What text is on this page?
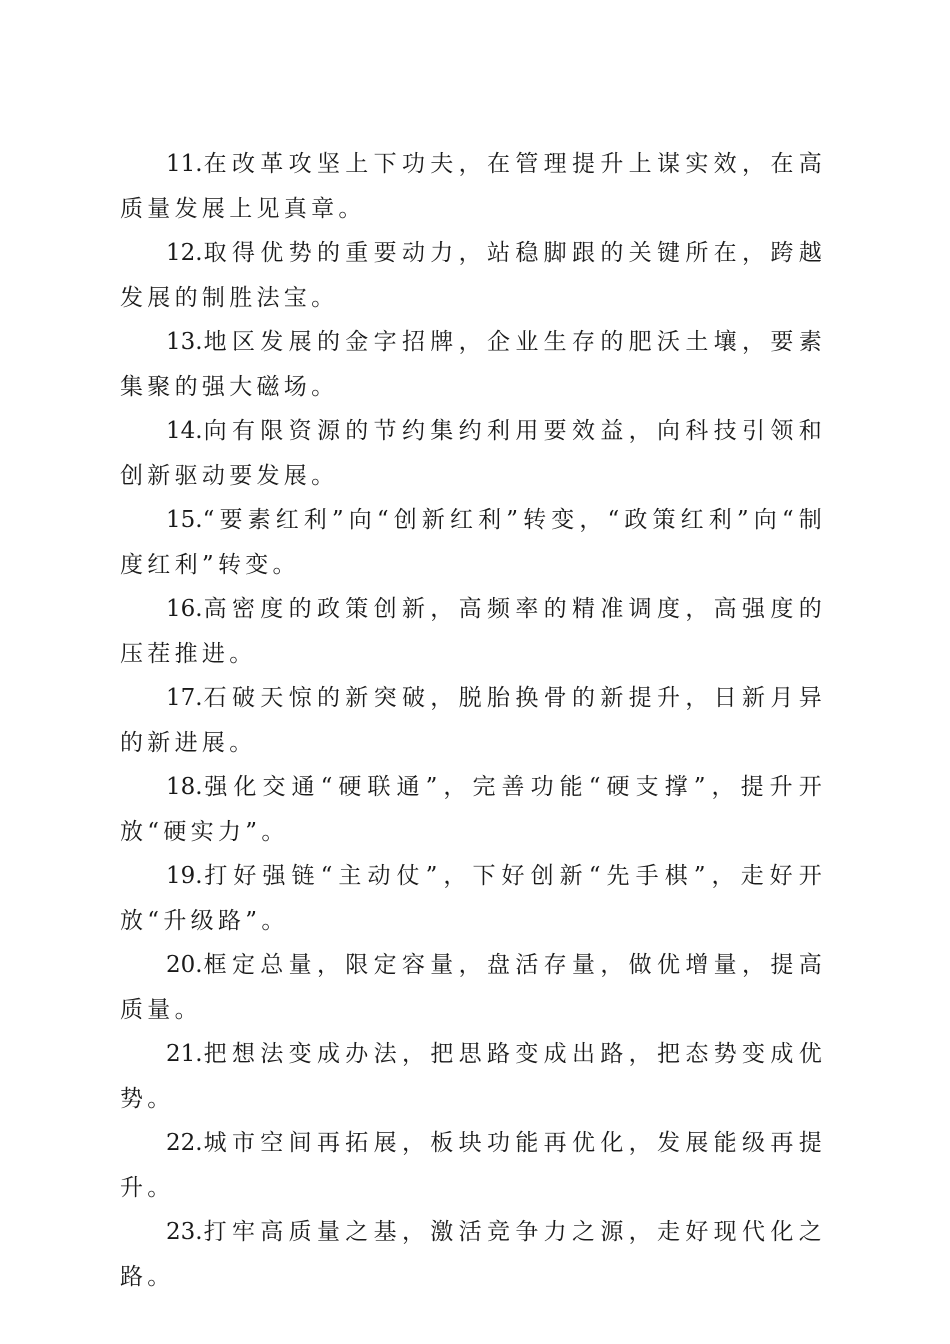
11.在改革攻坚上下功夫，在管理提升上谋实效，在高质量发展上见真章。

12.取得优势的重要动力，站稳脚跟的关键所在，跨越发展的制胜法宝。

13.地区发展的金字招牌，企业生存的肥沃土壤，要素集聚的强大磁场。

14.向有限资源的节约集约利用要效益，向科技引领和创新驱动要发展。

15.“要素红利”向“创新红利”转变，“政策红利”向“制度红利”转变。

16.高密度的政策创新，高频率的精准调度，高强度的压茬推进。

17.石破天惊的新突破，脱胎换骨的新提升，日新月异的新进展。

18.强化交通“硬联通”，完善功能“硬支撑”，提升开放“硬实力”。

19.打好强链“主动仗”，下好创新“先手棋”，走好开放“升级路”。

20.框定总量，限定容量，盘活存量，做优增量，提高质量。

21.把想法变成办法，把思路变成出路，把态势变成优势。

22.城市空间再拓展，板块功能再优化，发展能级再提升。

23.打牢高质量之基，激活竞争力之源，走好现代化之路。
